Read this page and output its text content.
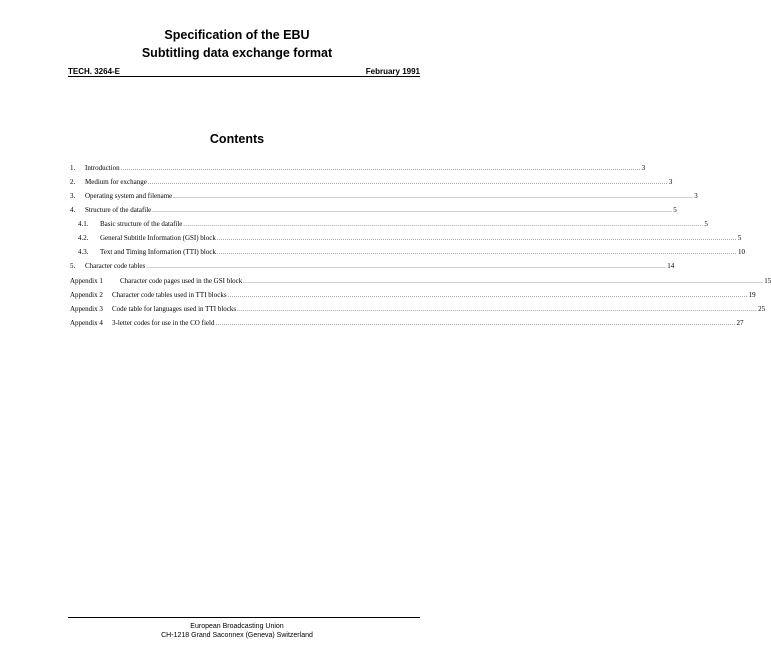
Specification of the EBU
Subtitling data exchange format
TECH. 3264-E	February 1991
Contents
1.	Introduction .................................................................................................................................................................................................................................................................... 3
2.	Medium for exchange .................................................................................................................................................................................................................................................................... 3
3.	Operating system and filename .................................................................................................................................................................................................................................................................... 3
4.	Structure of the datafile .................................................................................................................................................................................................................................................................... 5
4.1.	Basic structure of the datafile .................................................................................................................................................................................................................................................................... 5
4.2.	General Subtitle Information (GSI) block .................................................................................................................................................................................................................................................................... 5
4.3.	Text and Timing Information (TTI) block .................................................................................................................................................................................................................................................................... 10
5.	Character code tables .................................................................................................................................................................................................................................................................... 14
Appendix 1	Character code pages used in the GSI block .................................................................................................................................................................................................................................................................... 15
Appendix 2	Character code tables used in TTI blocks .................................................................................................................................................................................................................................................................... 19
Appendix 3	Code table for languages used in TTI blocks .................................................................................................................................................................................................................................................................... 25
Appendix 4	3-letter codes for use in the CO field .................................................................................................................................................................................................................................................................... 27
European Broadcasting Union
CH-1218 Grand Saconnex (Geneva) Switzerland
